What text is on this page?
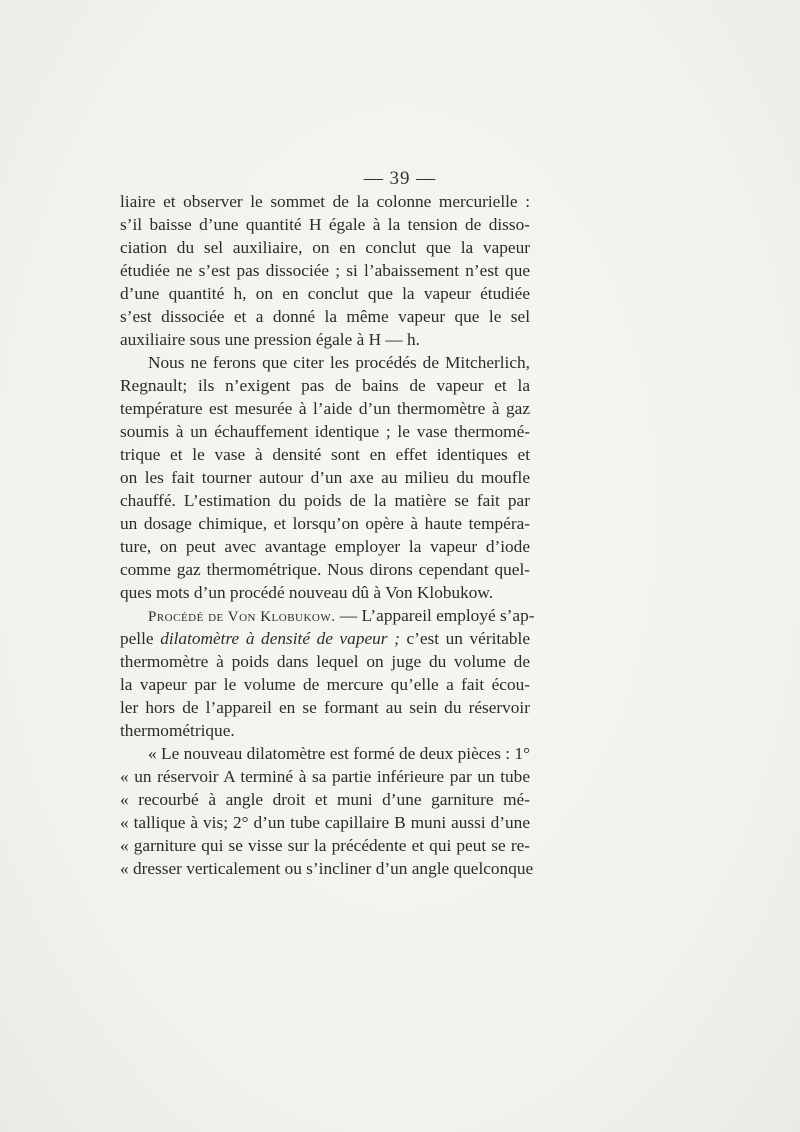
— 39 —
liaire et observer le sommet de la colonne mercurielle :
s’il baisse d’une quantité H égale à la tension de disso-
ciation du sel auxiliaire, on en conclut que la vapeur
étudiée ne s’est pas dissociée ; si l’abaissement n’est que
d’une quantité h, on en conclut que la vapeur étudiée
s’est dissociée et a donné la même vapeur que le sel
auxiliaire sous une pression égale à H — h.
Nous ne ferons que citer les procédés de Mitcherlich,
Regnault; ils n’exigent pas de bains de vapeur et la
température est mesurée à l’aide d’un thermomètre à gaz
soumis à un échauffement identique ; le vase thermomé-
trique et le vase à densité sont en effet identiques et
on les fait tourner autour d’un axe au milieu du moufle
chauffé. L’estimation du poids de la matière se fait par
un dosage chimique, et lorsqu’on opère à haute tempéra-
ture, on peut avec avantage employer la vapeur d’iode
comme gaz thermométrique. Nous dirons cependant quel-
ques mots d’un procédé nouveau dû à Von Klobukow.
Procédé de Von Klobukow. — L’appareil employé s’ap-
pelle dilatomètre à densité de vapeur ; c’est un véritable
thermomètre à poids dans lequel on juge du volume de
la vapeur par le volume de mercure qu’elle a fait écou-
ler hors de l’appareil en se formant au sein du réservoir
thermométrique.
« Le nouveau dilatomètre est formé de deux pièces : 1°
« un réservoir A terminé à sa partie inférieure par un tube
« recourbé à angle droit et muni d’une garniture mé-
« tallique à vis; 2° d’un tube capillaire B muni aussi d’une
« garniture qui se visse sur la précédente et qui peut se re-
« dresser verticalement ou s’incliner d’un angle quelconque
